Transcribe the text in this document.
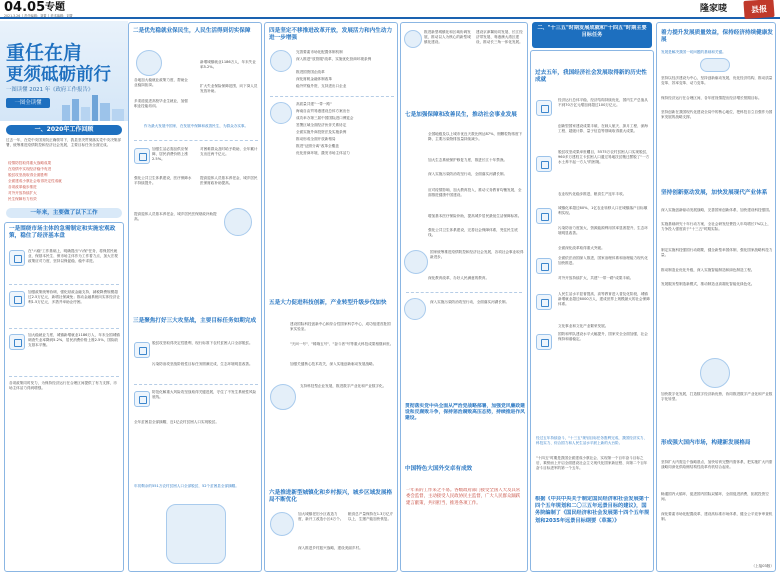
04.05 专题
2021.3.26 │ 责任编辑：刘菁 │ 美术编辑：刘菁
隆家唛	县报
重任在肩
更须砥砺前行
一图读懂 2021 年《政府工作报告》
一图全读懂
一、2020年工作回顾
过去一年，在党中央国务院正确领导下，我县坚决贯彻落实党中央决策部署，统筹推进疫情防控和经济社会发展，主要目标任务全面完成。
疫情防控取得重大战略成果
在疫情中实现经济稳中有进
脱贫攻坚战取得全面胜利
全面建成小康社会取得决定性成就
各项改革稳步推进
对外开放持续扩大
民生保障有力有效
一年来，主要做了以下工作
一是围绕市场主体的急需制定和实施宏观政策，稳住了经济基本盘
在"六稳"工作基础上，明确提出"六保"任务，将保居民就业、保基本民生、保市场主体作为工作着力点，加大宏观政策应对力度，坚持以保促稳、稳中求进。
加强政策统筹协调，强化财政金融支持，减税降费规模超过2.5万亿元，新增社保减免；推动金融系统向实体经济让利1.5万亿元，多措并举助企纾困。
加大稳就业力度，城镇新增就业1186万人，年末全国城镇调查失业率降到5.2%，居民消费价格上涨2.5%，国际收支基本平衡。
各项政策同时发力，为保持经济运行在合理区间提供了有力支撑，市场主体活力得到增强。
二是优先稳就业保民生，人民生活得到切实保障
各地加大稳就业政策力度，帮助企业稳岗拓岗。
新增城镇就业1186万人，年末失业率5.2%。
多渠道促进高校毕业生就业，加强职业技能培训。
扩大失业保险保障范围，向下岗人员发放补助。
作为最大发展中国家，在发展中保障和改善民生，为群众办实事。
加强生活必需品供应保障，居民消费价格上涨2.5%。
对困难群众及时给予救助，全年累计支出近两千亿元。
强化公共卫生体系建设，医疗保障水平持续提升。
提高退休人员基本养老金，城乡居民医保财政补助提高。
提高退休人员基本养老金，城乡居民医保财政补助提高。
三是聚焦打好三大攻坚战，主要目标任务如期完成
脱贫攻坚取得决定性胜利，现行标准下农村贫困人口全部脱贫。
污染防治攻坚战阶段性目标任务圆满完成，生态环境明显改善。
防范化解重大风险攻坚战取得关键进展，守住了不发生系统性风险底线。
全年贫困县全部摘帽，近1亿农村贫困人口实现脱贫。
年初剩余的551万农村贫困人口全部脱贫，52个贫困县全部摘帽。
四是坚定不移推进改革开放，发展活力和内生动力进一步增强
完善要素市场化配置体制机制
深入推进"放管服"改革，实施优化营商环境条例
推进国资国企改革
深化财税金融体制改革
稳外贸稳外资，支持进出口企业
高质量共建"一带一路"
海南自由贸易港建设总体方案出台
成功举办第三届中国国际进口博览会
签署区域全面经济伙伴关系协定
全面实施外商投资法及实施条例
推动形成全面开放新格局
推进"证照分离"改革全覆盖
优化营商环境，激发市场主体活力
五是大力促进科技创新，产业转型升级步伐加快
建设国际科技创新中心和综合性国家科学中心，成功组建首批国家实验室。
"天问一号"、"嫦娥五号"、"奋斗者"号等重大科技成果相继问世。
加强关键核心技术攻关，深入实施创新驱动发展战略。
支持科技型企业发展，推进数字产业化和产业数字化。
六是推进新型城镇化和乡村振兴，城乡区域发展格局不断优化
加大城镇老旧小区改造力度，新开工改造小区4万个。
粮食总产量保持在1.3万亿斤以上，生猪产能加快恢复。
深入推进乡村振兴战略，建设美丽乡村。
推进新型城镇化和区域协调发展，推动以人为核心的新型城镇化建设。
建设京津冀协同发展、长江经济带发展、粤港澳大湾区建设，推动长三角一体化发展。
七是加强保障和改善民生，推动社会事业发展
全国地级及以上城市优良天数比例达87%，细颗粒物浓度下降，主要污染物排放量持续减少。
加大生态系统保护修复力度，推进长江十年禁渔。
深入实施污染防治攻坚行动，全面落实河湖长制。
应对疫情影响，加大教育投入，推动义务教育均衡发展，全面推进健康中国建设。
增加基本医疗保险补助，提高城乡居民最低生活保障标准。
强化公共卫生体系建设，完善社会保障体系，兜住民生底线。
国家统筹推进疫情防控和经济社会发展，各项社会事业取得新进步。
深化教育改革，办好人民满意的教育。
深入实施污染防治攻坚行动，全面落实河湖长制。
贯彻落实党中央全面从严治党战略部署，加强党风廉政建设和反腐败斗争，保持惩治腐败高压态势，持续推进作风建设。
中国特色大国外交卓有成效
一年来的工作来之不易。各级政府部门接受全国人大及其常委会监督，主动接受人民政协民主监督，广大人民群众踊跃建言献策，共同担当，推进各项工作。
二、"十三五"时期发展成就和"十四五"时期主要目标任务
过去五年，我国经济社会发展取得新的历史性成就
经济运行总体平稳，经济结构持续优化，国内生产总值从不到70万亿元增加到超过100万亿元。
创新型国家建设成果丰硕，在载人航天、探月工程、深海工程、超级计算、量子信息等领域取得重大成果。
脱贫攻坚成果举世瞩目，5575万农村贫困人口实现脱贫，960多万建档立卡贫困人口通过易地扶贫搬迁摆脱了"一方水土养不起一方人"的困境。
农业现代化稳步推进，粮食生产连年丰收。
城镇化率超过60%，1亿农业转移人口在城镇落户目标顺利实现。
污染防治力度加大，资源能源利用效率显著提升，生态环境明显改善。
全面深化改革取得重大突破。
全面依法治国深入推进，国家治理体系和治理能力现代化加快推进。
对外开放持续扩大，共建"一带一路"成果丰硕。
人民生活水平显著提高，高等教育进入普及化阶段，城镇新增就业超过6000万人，建成世界上规模最大的社会保障体系。
文化事业和文化产业繁荣发展。
国防和军队建设水平大幅提升，国家安全全面加强，社会保持和谐稳定。
经过五年持续奋斗，"十三五"规划目标任务胜利完成，我国经济实力、科技实力、综合国力和人民生活水平跃上新的大台阶。
"十四五"时期是我国全面建成小康社会、实现第一个百年奋斗目标之后，乘势而上开启全面建设社会主义现代化国家新征程、向第二个百年奋斗目标进军的第一个五年。
根据《中共中央关于制定国民经济和社会发展第十四个五年规划和二〇三五年远景目标的建议》，国务院编制了《国民经济和社会发展第十四个五年规划和2035年远景目标纲要（草案）》
着力提升发展质量效益，保持经济持续健康发展
发展是解决我国一切问题的基础和关键。
坚持以经济建设为中心，坚持创新驱动发展，优化经济结构，推动质量变革、效率变革、动力变革。
保持经济运行在合理区间，各年度视情提出经济增长预期目标。
坚持创新在我国现代化建设全局中的核心地位，把科技自立自强作为国家发展的战略支撑。
坚持创新驱动发展，加快发展现代产业体系
深入实施创新驱动发展战略，完善国家创新体系，加快建设科技强国。
实施基础研究十年行动方案，全社会研发经费投入年均增长7%以上，力争投入强度高于"十三五"时期实际。
制定实施科技强国行动纲要，健全新型举国体制，强化国家战略科技力量。
推动制造业优化升级，深入实施智能制造和绿色制造工程。
发展服务型制造新模式，推动制造业高端化智能化绿色化。
加快数字化发展，打造数字经济新优势，协同推进数字产业化和产业数字化转型。
形成强大国内市场，构建新发展格局
坚持扩大内需这个战略基点，加快培育完整内需体系，把实施扩大内需战略同深化供给侧结构性改革有机结合起来。
畅通国内大循环，促进国内国际双循环，全面促进消费，拓展投资空间。
深化要素市场化配置改革，建设高标准市场体系，健全公平竞争审查机制。
（上接03版）
